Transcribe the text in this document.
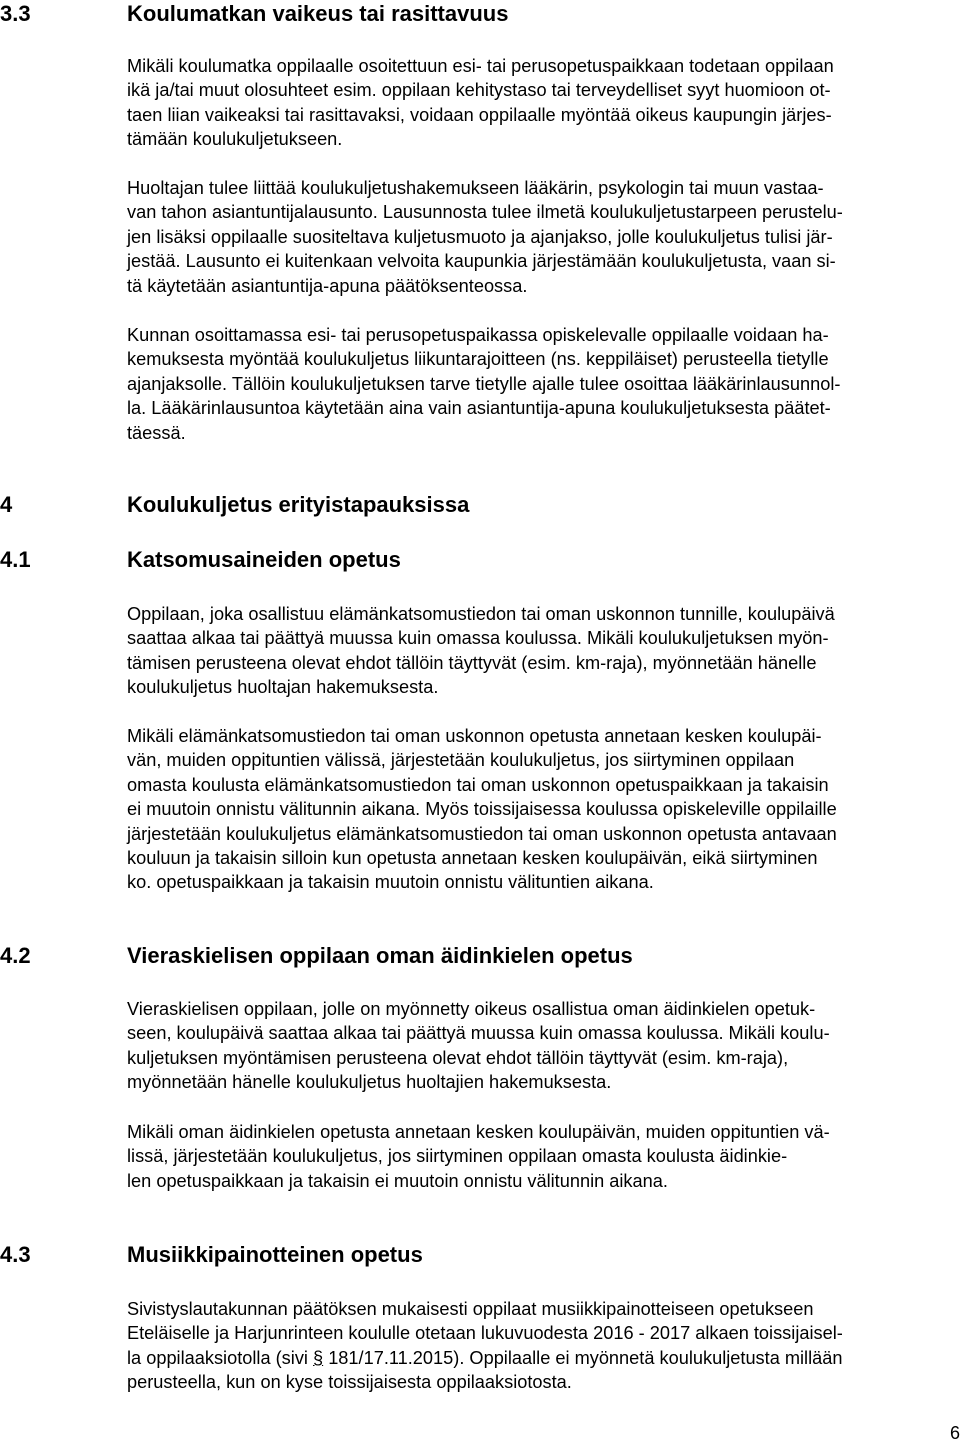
3.3	Koulumatkan vaikeus tai rasittavuus
Mikäli koulumatka oppilaalle osoitettuun esi- tai perusopetuspaikkaan todetaan oppilaan
ikä ja/tai muut olosuhteet esim. oppilaan kehitystaso tai terveydelliset syyt huomioon ot-
taen liian vaikeaksi tai rasittavaksi, voidaan oppilaalle myöntää oikeus kaupungin järjes-
tämään koulukuljetukseen.
Huoltajan tulee liittää koulukuljetushakemukseen lääkärin, psykologin tai muun vastaa-
van tahon asiantuntijalausunto. Lausunnosta tulee ilmetä koulukuljetustarpeen perustelu-
jen lisäksi oppilaalle suositeltava kuljetusmuoto ja ajanjakso, jolle koulukuljetus tulisi jär-
jestää. Lausunto ei kuitenkaan velvoita kaupunkia järjestämään koulukuljetusta, vaan si-
tä käytetään asiantuntija-apuna päätöksenteossa.
Kunnan osoittamassa esi- tai perusopetuspaikassa opiskelevalle oppilaalle voidaan ha-
kemuksesta myöntää koulukuljetus liikuntarajoitteen (ns. keppiläiset) perusteella tietylle
ajanjaksolle. Tällöin koulukuljetuksen tarve tietylle ajalle tulee osoittaa lääkärinlausunnol-
la. Lääkärinlausuntoa käytetään aina vain asiantuntija-apuna koulukuljetuksesta päätet-
täessä.
4	Koulukuljetus erityistapauksissa
4.1	Katsomusaineiden opetus
Oppilaan, joka osallistuu elämänkatsomustiedon tai oman uskonnon tunnille, koulupäivä
saattaa alkaa tai päättyä muussa kuin omassa koulussa. Mikäli koulukuljetuksen myön-
tämisen perusteena olevat ehdot tällöin täyttyvät (esim. km-raja), myönnetään hänelle
koulukuljetus huoltajan hakemuksesta.
Mikäli elämänkatsomustiedon tai oman uskonnon opetusta annetaan kesken koulupäi-
vän, muiden oppituntien välissä, järjestetään koulukuljetus, jos siirtyminen oppilaan
omasta koulusta elämänkatsomustiedon tai oman uskonnon opetuspaikkaan ja takaisin
ei muutoin onnistu välitunnin aikana. Myös toissijaisessa koulussa opiskeleville oppilaille
järjestetään koulukuljetus elämänkatsomustiedon tai oman uskonnon opetusta antavaan
kouluun ja takaisin silloin kun opetusta annetaan kesken koulupäivän, eikä siirtyminen
ko. opetuspaikkaan ja takaisin muutoin onnistu välituntien aikana.
4.2	Vieraskielisen oppilaan oman äidinkielen opetus
Vieraskielisen oppilaan, jolle on myönnetty oikeus osallistua oman äidinkielen opetuk-
seen, koulupäivä saattaa alkaa tai päättyä muussa kuin omassa koulussa. Mikäli koulu-
kuljetuksen myöntämisen perusteena olevat ehdot tällöin täyttyvät (esim. km-raja),
myönnetään hänelle koulukuljetus huoltajien hakemuksesta.
Mikäli oman äidinkielen opetusta annetaan kesken koulupäivän, muiden oppituntien vä-
lissä, järjestetään koulukuljetus, jos siirtyminen oppilaan omasta koulusta äidinkie-
len opetuspaikkaan ja takaisin ei muutoin onnistu välitunnin aikana.
4.3	Musiikkipainotteinen opetus
Sivistyslautakunnan päätöksen mukaisesti oppilaat musiikkipainotteiseen opetukseen
Eteläiselle ja Harjunrinteen koululle otetaan lukuvuodesta 2016 - 2017 alkaen toissijaisel-
la oppilaaksiotolla (sivi § 181/17.11.2015). Oppilaalle ei myönnetä koulukuljetusta millään
perusteella, kun on kyse toissijaisesta oppilaaksiotosta.
6
